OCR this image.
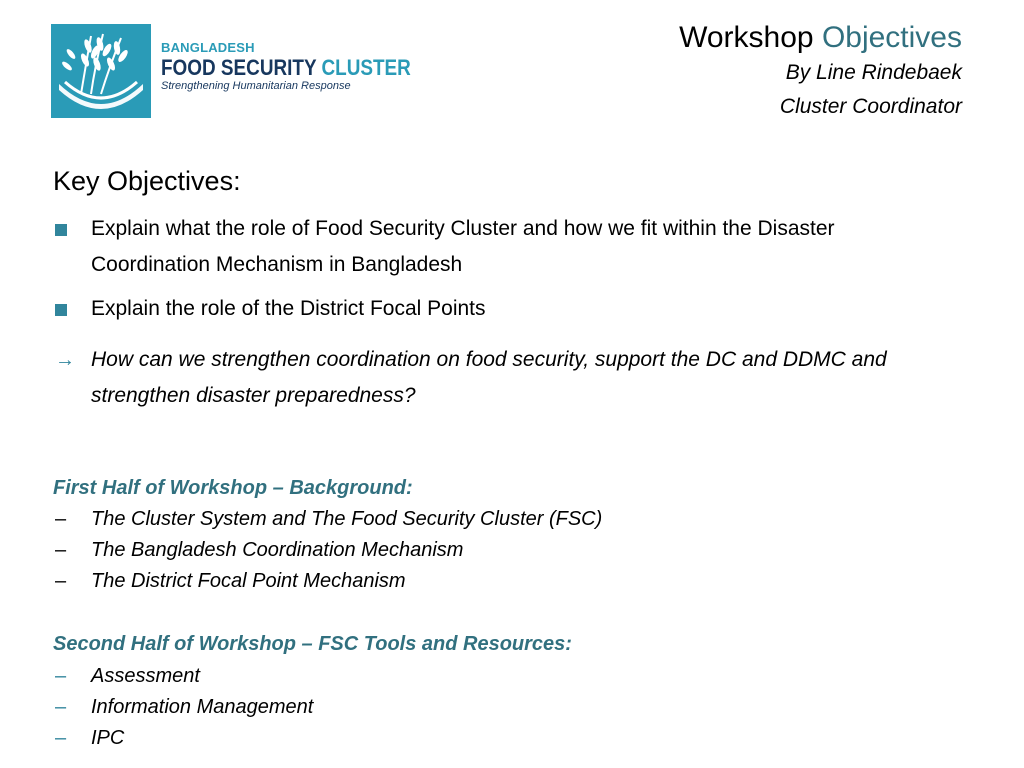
BANGLADESH
FOOD SECURITY CLUSTER
Strengthening Humanitarian Response
Workshop Objectives
By Line Rindebaek
Cluster Coordinator
Key Objectives:
Explain what the role of Food Security Cluster and how we fit within the Disaster Coordination Mechanism in Bangladesh
Explain the role of the District Focal Points
→ How can we strengthen coordination on food security, support the DC and DDMC and strengthen disaster preparedness?
First Half of Workshop – Background:
–	The Cluster System and The Food Security Cluster (FSC)
–	The Bangladesh Coordination Mechanism
–	The District Focal Point Mechanism
Second Half of Workshop – FSC Tools and Resources:
–	Assessment
–	Information Management
–	IPC
